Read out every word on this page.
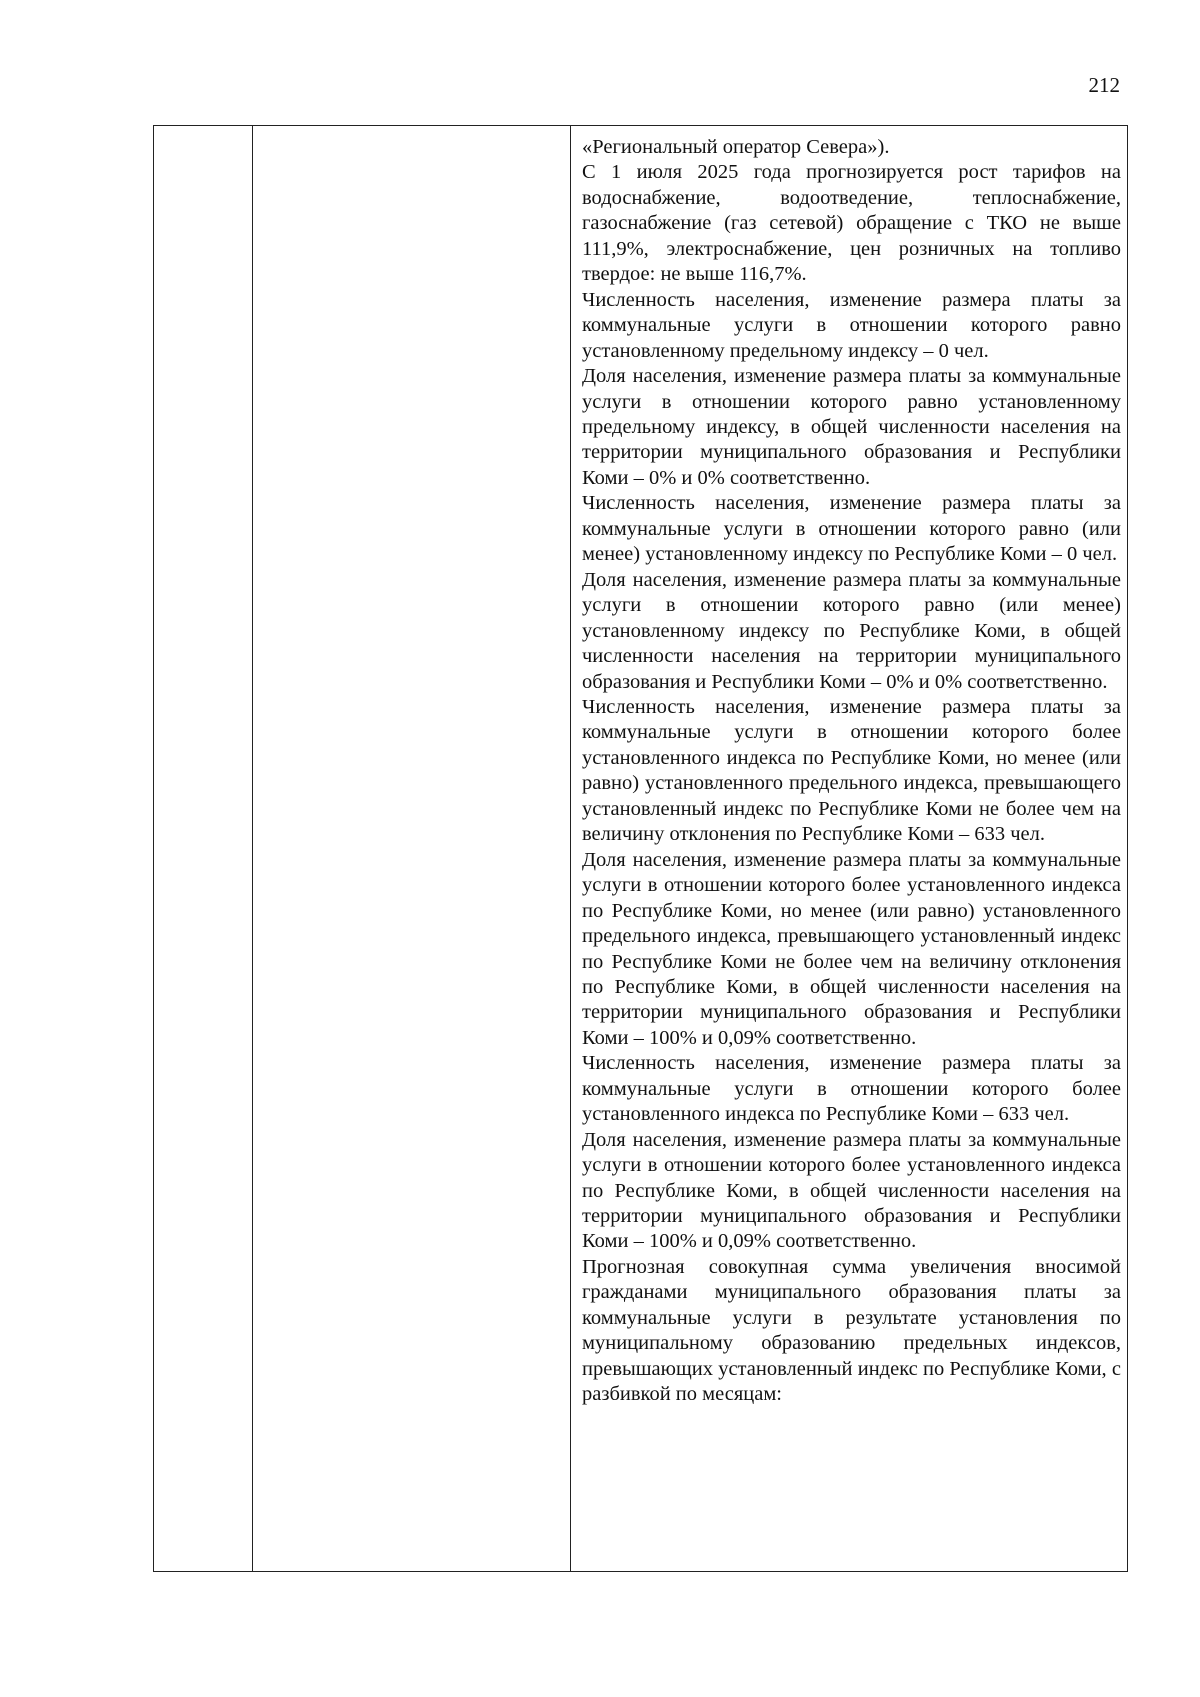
212

«Региональный оператор Севера»).

С 1 июля 2025 года прогнозируется рост тарифов на водоснабжение, водоотведение, теплоснабжение, газоснабжение (газ сетевой) обращение с ТКО не выше 111,9%, электроснабжение, цен розничных на топливо твердое: не выше 116,7%.

Численность населения, изменение размера платы за коммунальные услуги в отношении которого равно установленному предельному индексу – 0 чел.

Доля населения, изменение размера платы за коммунальные услуги в отношении которого равно установленному предельному индексу, в общей численности населения на территории муниципального образования и Республики Коми – 0% и 0% соответственно.

Численность населения, изменение размера платы за коммунальные услуги в отношении которого равно (или менее) установленному индексу по Республике Коми – 0 чел.

Доля населения, изменение размера платы за коммунальные услуги в отношении которого равно (или менее) установленному индексу по Республике Коми, в общей численности населения на территории муниципального образования и Республики Коми – 0% и 0% соответственно.

Численность населения, изменение размера платы за коммунальные услуги в отношении которого более установленного индекса по Республике Коми, но менее (или равно) установленного предельного индекса, превышающего установленный индекс по Республике Коми не более чем на величину отклонения по Республике Коми – 633 чел.

Доля населения, изменение размера платы за коммунальные услуги в отношении которого более установленного индекса по Республике Коми, но менее (или равно) установленного предельного индекса, превышающего установленный индекс по Республике Коми не более чем на величину отклонения по Республике Коми, в общей численности населения на территории муниципального образования и Республики Коми – 100% и 0,09% соответственно.

Численность населения, изменение размера платы за коммунальные услуги в отношении которого более установленного индекса по Республике Коми – 633 чел.

Доля населения, изменение размера платы за коммунальные услуги в отношении которого более установленного индекса по Республике Коми, в общей численности населения на территории муниципального образования и Республики Коми – 100% и 0,09% соответственно.

Прогнозная совокупная сумма увеличения вносимой гражданами муниципального образования платы за коммунальные услуги в результате установления по муниципальному образованию предельных индексов, превышающих установленный индекс по Республике Коми, с разбивкой по месяцам:
